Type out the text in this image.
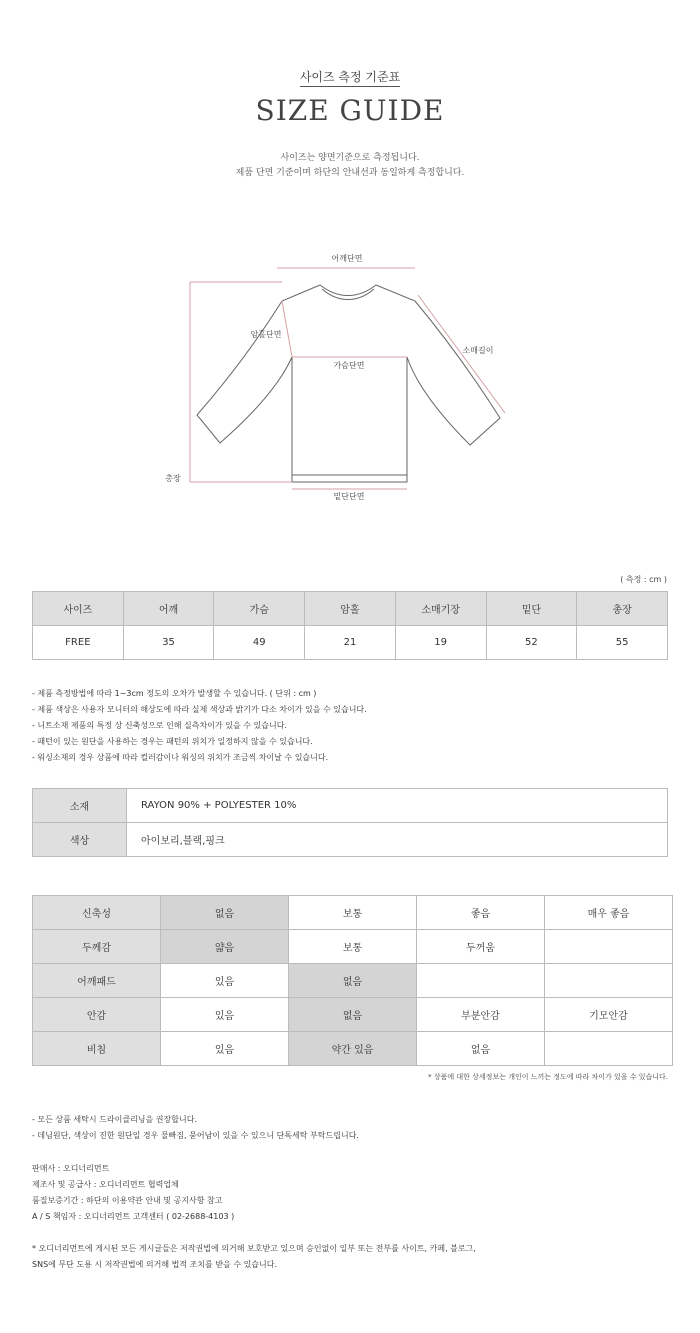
사이즈 측정 기준표
SIZE GUIDE
사이즈는 양면기준으로 측정됩니다.
제품 단면 기준이며 하단의 안내선과 동일하게 측정합니다.
어깨단면
암홀단면
소매길이
가슴단면
총장
밑단단면
( 측정 : cm )
사이즈	어깨	가슴	암홀	소매기장	밑단	총장
FREE	35	49	21	19	52	55
- 제품 측정방법에 따라 1~3cm 정도의 오차가 발생할 수 있습니다. ( 단위 : cm )
- 제품 색상은 사용자 모니터의 해상도에 따라 실제 색상과 밝기가 다소 차이가 있을 수 있습니다.
- 니트소재 제품의 특정 상 신축성으로 인해 실측차이가 있을 수 있습니다.
- 패턴이 있는 원단을 사용하는 경우는 패턴의 위치가 일정하지 않을 수 있습니다.
- 워싱소재의 경우 상품에 따라 컬러감이나 워싱의 위치가 조금씩 차이날 수 있습니다.
소재	RAYON 90% + POLYESTER 10%
색상	아이보리,블랙,핑크
신축성	없음	보통	좋음	매우 좋음
두께감	얇음	보통	두꺼움	
어깨패드	있음	없음		
안감	있음	없음	부분안감	기모안감
비침	있음	약간 있음	없음	
* 상품에 대한 상세정보는 개인이 느끼는 정도에 따라 차이가 있을 수 있습니다.
- 모든 상품 세탁시 드라이클리닝을 권장합니다.
- 데님원단, 색상이 진한 원단일 경우 물빠짐, 묻어남이 있을 수 있으니 단독세탁 부탁드립니다.
판매사 : 오디너리먼트
제조사 및 공급사 : 오디너리먼트 협력업체
품질보증기간 : 하단의 이용약관 안내 및 공지사항 참고
A / S 책임자 : 오디너리먼트 고객센터 ( 02-2688-4103 )
* 오디너리먼트에 게시된 모든 게시글들은 저작권법에 의거해 보호받고 있으며 승인없이 일부 또는 전부를 사이트, 카페, 블로그,
SNS에 무단 도용 시 저작권법에 의거해 법적 조치를 받을 수 있습니다.
